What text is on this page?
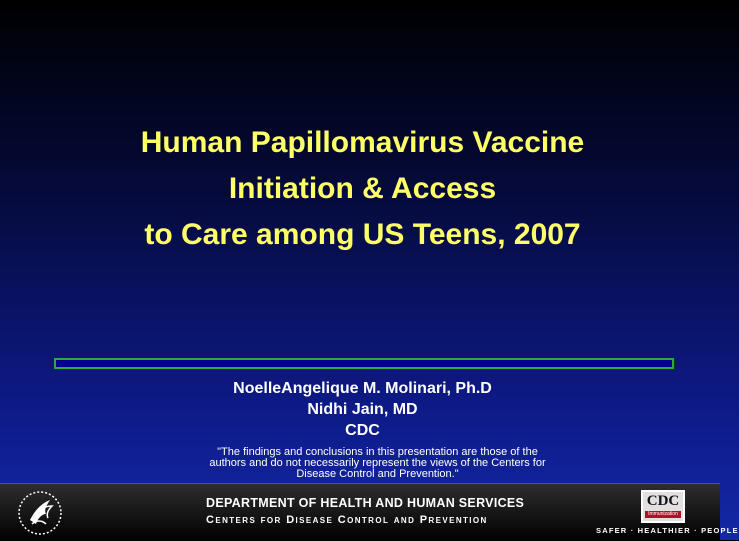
Human Papillomavirus Vaccine
Initiation & Access
to Care among US Teens, 2007
NoelleAngelique M. Molinari, Ph.D
Nidhi Jain, MD
CDC
"The findings and conclusions in this presentation are those of the authors and do not necessarily represent the views of the Centers for Disease Control and Prevention."
DEPARTMENT OF HEALTH AND HUMAN SERVICES
Centers for Disease Control and Prevention
CDC
Immunization
SAFER · HEALTHIER · PEOPLE
